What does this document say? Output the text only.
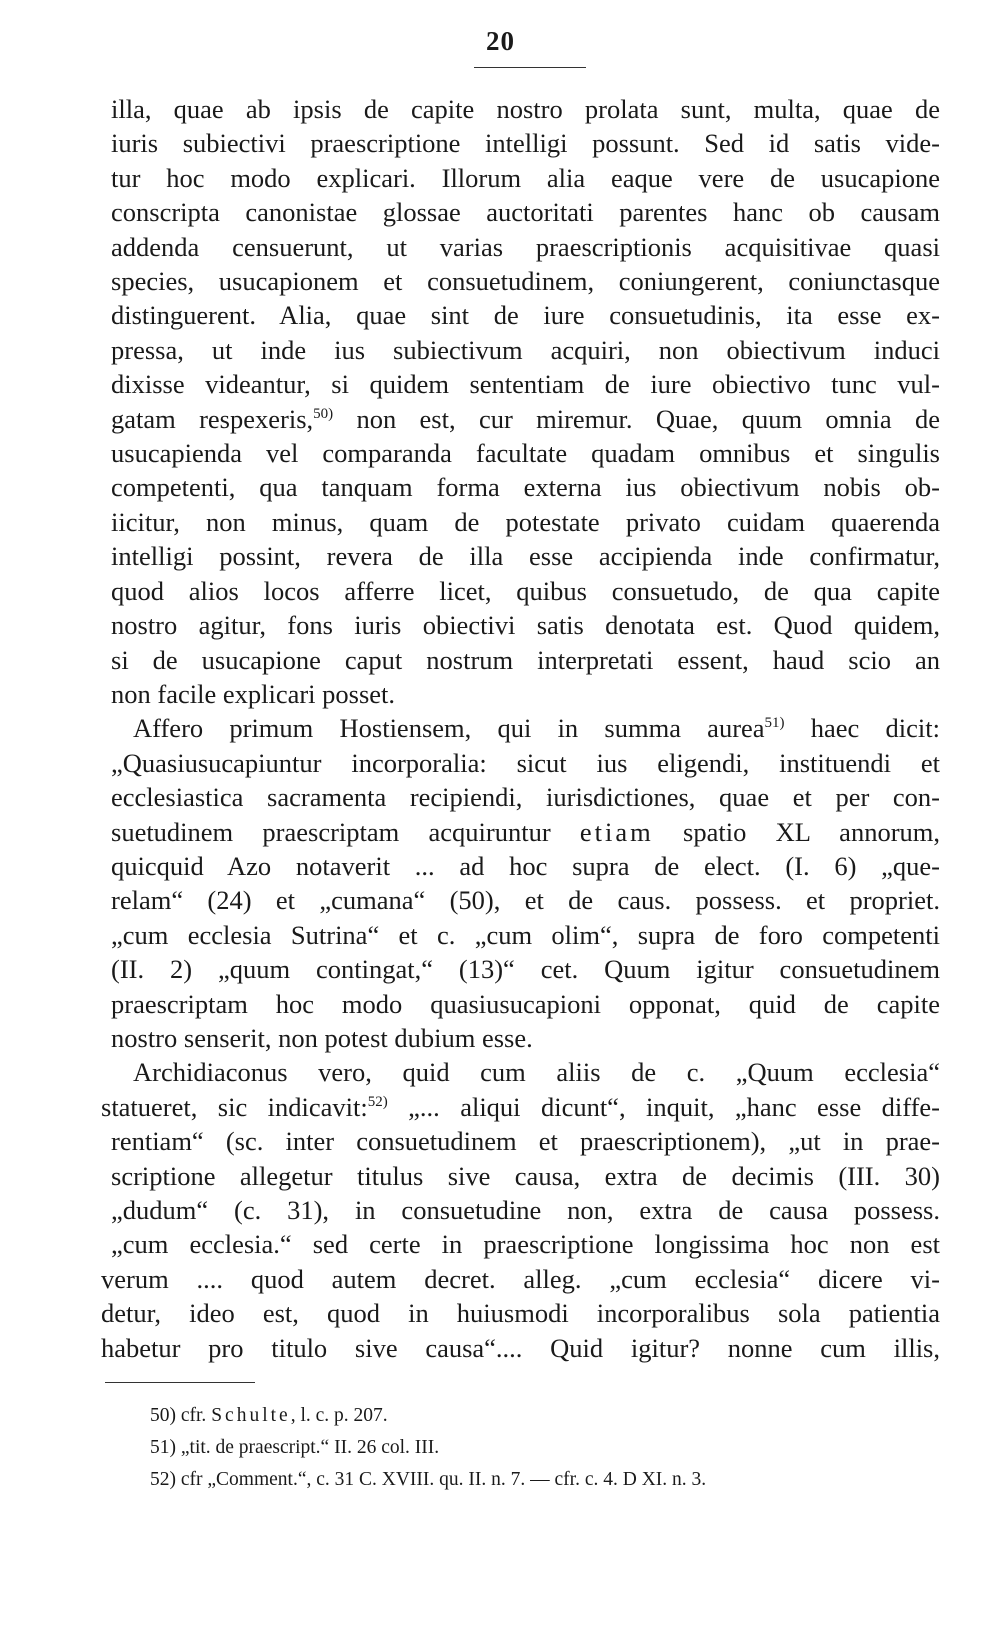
20
illa, quae ab ipsis de capite nostro prolata sunt, multa, quae de
iuris subiectivi praescriptione intelligi possunt. Sed id satis vide-
tur hoc modo explicari. Illorum alia eaque vere de usucapione
conscripta canonistae glossae auctoritati parentes hanc ob causam
addenda censuerunt, ut varias praescriptionis acquisitivae quasi
species, usucapionem et consuetudinem, coniungerent, coniunctasque
distinguerent. Alia, quae sint de iure consuetudinis, ita esse ex-
pressa, ut inde ius subiectivum acquiri, non obiectivum induci
dixisse videantur, si quidem sententiam de iure obiectivo tunc vul-
gatam respexeris,$^{50)}$ non est, cur miremur. Quae, quum omnia de
usucapienda vel comparanda facultate quadam omnibus et singulis
competenti, qua tanquam forma externa ius obiectivum nobis ob-
iicitur, non minus, quam de potestate privato cuidam quaerenda
intelligi possint, revera de illa esse accipienda inde confirmatur,
quod alios locos afferre licet, quibus consuetudo, de qua capite
nostro agitur, fons iuris obiectivi satis denotata est. Quod quidem,
si de usucapione caput nostrum interpretati essent, haud scio an
non facile explicari posset.
Affero primum Hostiensem, qui in summa aurea$^{51)}$ haec dicit:
„Quasiusucapiuntur incorporalia: sicut ius eligendi, instituendi et
ecclesiastica sacramenta recipiendi, iurisdictiones, quae et per con-
suetudinem praescriptam acquiruntur etiam spatio XL annorum,
quicquid Azo notaverit ... ad hoc supra de elect. (I. 6) „que-
relam“ (24) et „cumana“ (50), et de caus. possess. et propriet.
„cum ecclesia Sutrina“ et c. „cum olim“, supra de foro competenti
(II. 2) „quum contingat,“ (13)“ cet. Quum igitur consuetudinem
praescriptam hoc modo quasiusucapioni opponat, quid de capite
nostro senserit, non potest dubium esse.
Archidiaconus vero, quid cum aliis de c. „Quum ecclesia“
statueret, sic indicavit:$^{52)}$ „... aliqui dicunt“, inquit, „hanc esse diffe-
rentiam“ (sc. inter consuetudinem et praescriptionem), „ut in prae-
scriptione allegetur titulus sive causa, extra de decimis (III. 30)
„dudum“ (c. 31), in consuetudine non, extra de causa possess.
„cum ecclesia.“ sed certe in praescriptione longissima hoc non est
verum .... quod autem decret. alleg. „cum ecclesia“ dicere vi-
detur, ideo est, quod in huiusmodi incorporalibus sola patientia
habetur pro titulo sive causa“.... Quid igitur? nonne cum illis,
50) cfr. Schulte, l. c. p. 207.
51) „tit. de praescript.“ II. 26 col. III.
52) cfr „Comment.“, c. 31 C. XVIII. qu. II. n. 7. — cfr. c. 4. D XI. n. 3.
